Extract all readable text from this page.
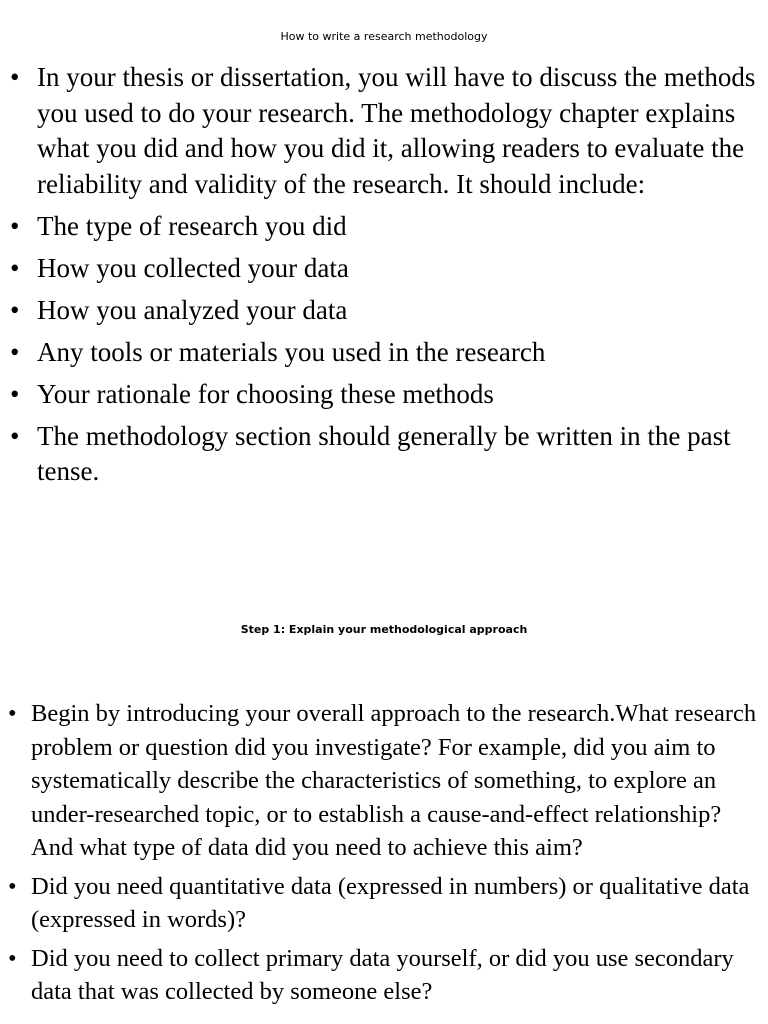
How to write a research methodology
• In your thesis or dissertation, you will have to discuss the methods you used to do your research. The methodology chapter explains what you did and how you did it, allowing readers to evaluate the reliability and validity of the research. It should include:
• The type of research you did
• How you collected your data
• How you analyzed your data
• Any tools or materials you used in the research
• Your rationale for choosing these methods
• The methodology section should generally be written in the past tense.
Step 1: Explain your methodological approach
• Begin by introducing your overall approach to the research.What research problem or question did you investigate? For example, did you aim to systematically describe the characteristics of something, to explore an under-researched topic, or to establish a cause-and-effect relationship? And what type of data did you need to achieve this aim?
• Did you need quantitative data (expressed in numbers) or qualitative data (expressed in words)?
• Did you need to collect primary data yourself, or did you use secondary data that was collected by someone else?
